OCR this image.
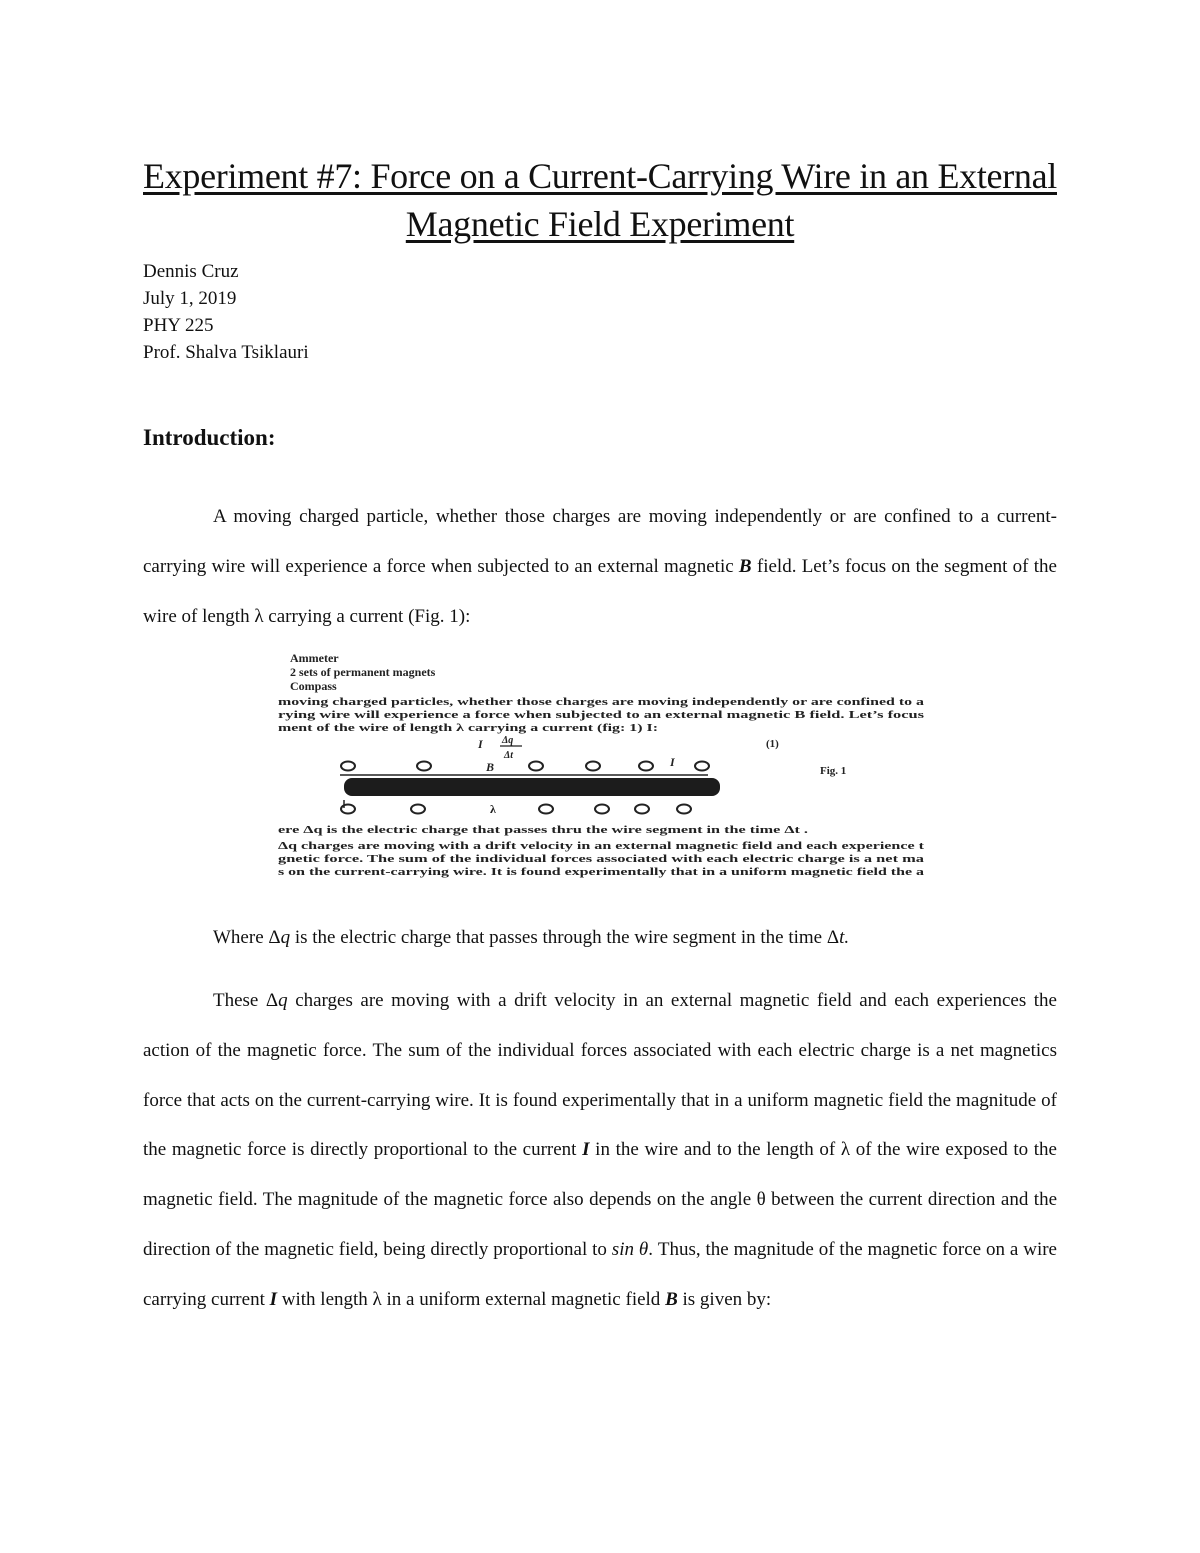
Experiment #7: Force on a Current-Carrying Wire in an External
Magnetic Field Experiment
Dennis Cruz
July 1, 2019
PHY 225
Prof. Shalva Tsiklauri
Introduction:

A moving charged particle, whether those charges are moving independently or are confined to a current-carrying wire will experience a force when subjected to an external magnetic B field. Let’s focus on the segment of the wire of length λ carrying a current (Fig. 1):

Ammeter
2 sets of permanent magnets
Compass
moving charged particles, whether those charges are moving independently or are confined to a
rying wire will experience a force when subjected to an external magnetic B field. Let’s focus
ment of the wire of length λ carrying a current (fig: 1) I:
I Δq
Δt
(1)
B	I
Fig. 1
λ
ere Δq is the electric charge that passes thru the wire segment in the time Δt .
Δq charges are moving with a drift velocity in an external magnetic field and each experience t
gnetic force. The sum of the individual forces associated with each electric charge is a net ma
s on the current-carrying wire. It is found experimentally that in a uniform magnetic field the a
Where Δq is the electric charge that passes through the wire segment in the time Δt.

These Δq charges are moving with a drift velocity in an external magnetic field and each experiences the action of the magnetic force. The sum of the individual forces associated with each electric charge is a net magnetics force that acts on the current-carrying wire. It is found experimentally that in a uniform magnetic field the magnitude of the magnetic force is directly proportional to the current I in the wire and to the length of λ of the wire exposed to the magnetic field. The magnitude of the magnetic force also depends on the angle θ between the current direction and the direction of the magnetic field, being directly proportional to sin θ. Thus, the magnitude of the magnetic force on a wire carrying current I with length λ in a uniform external magnetic field B is given by:
